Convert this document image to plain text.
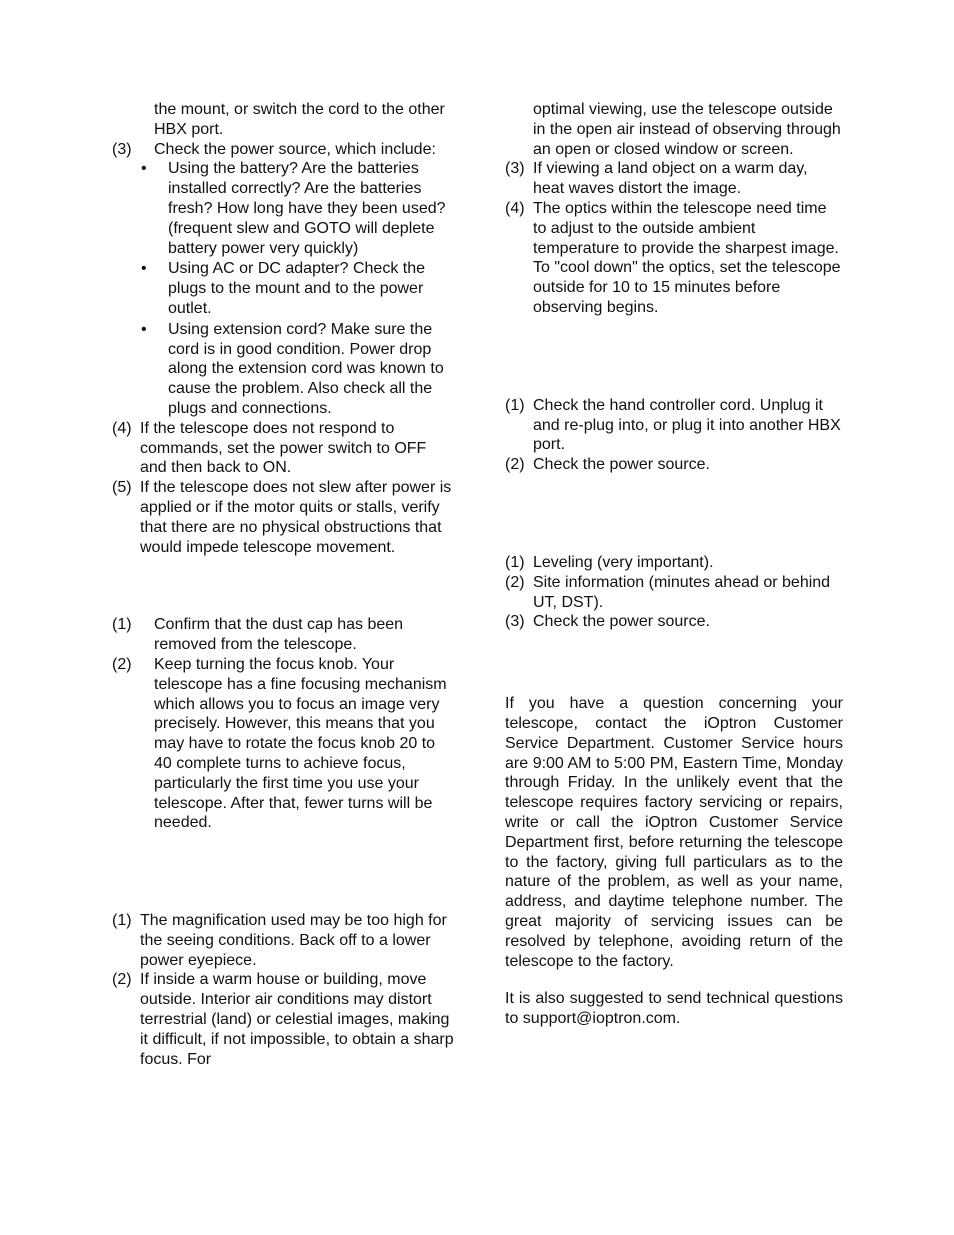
the mount, or switch the cord to the other HBX port.
(3) Check the power source, which include:
• Using the battery? Are the batteries installed correctly? Are the batteries fresh? How long have they been used? (frequent slew and GOTO will deplete battery power very quickly)
• Using AC or DC adapter? Check the plugs to the mount and to the power outlet.
• Using extension cord? Make sure the cord is in good condition. Power drop along the extension cord was known to cause the problem. Also check all the plugs and connections.
(4) If the telescope does not respond to commands, set the power switch to OFF and then back to ON.
(5) If the telescope does not slew after power is applied or if the motor quits or stalls, verify that there are no physical obstructions that would impede telescope movement.
(1) Confirm that the dust cap has been removed from the telescope.
(2) Keep turning the focus knob. Your telescope has a fine focusing mechanism which allows you to focus an image very precisely. However, this means that you may have to rotate the focus knob 20 to 40 complete turns to achieve focus, particularly the first time you use your telescope. After that, fewer turns will be needed.
(1) The magnification used may be too high for the seeing conditions. Back off to a lower power eyepiece.
(2) If inside a warm house or building, move outside. Interior air conditions may distort terrestrial (land) or celestial images, making it difficult, if not impossible, to obtain a sharp focus. For
optimal viewing, use the telescope outside in the open air instead of observing through an open or closed window or screen.
(3) If viewing a land object on a warm day, heat waves distort the image.
(4) The optics within the telescope need time to adjust to the outside ambient temperature to provide the sharpest image. To "cool down" the optics, set the telescope outside for 10 to 15 minutes before observing begins.
(1) Check the hand controller cord. Unplug it and re-plug into, or plug it into another HBX port.
(2) Check the power source.
(1) Leveling (very important).
(2) Site information (minutes ahead or behind UT, DST).
(3) Check the power source.
If you have a question concerning your telescope, contact the iOptron Customer Service Department. Customer Service hours are 9:00 AM to 5:00 PM, Eastern Time, Monday through Friday. In the unlikely event that the telescope requires factory servicing or repairs, write or call the iOptron Customer Service Department first, before returning the telescope to the factory, giving full particulars as to the nature of the problem, as well as your name, address, and daytime telephone number. The great majority of servicing issues can be resolved by telephone, avoiding return of the telescope to the factory.
It is also suggested to send technical questions to support@ioptron.com.
